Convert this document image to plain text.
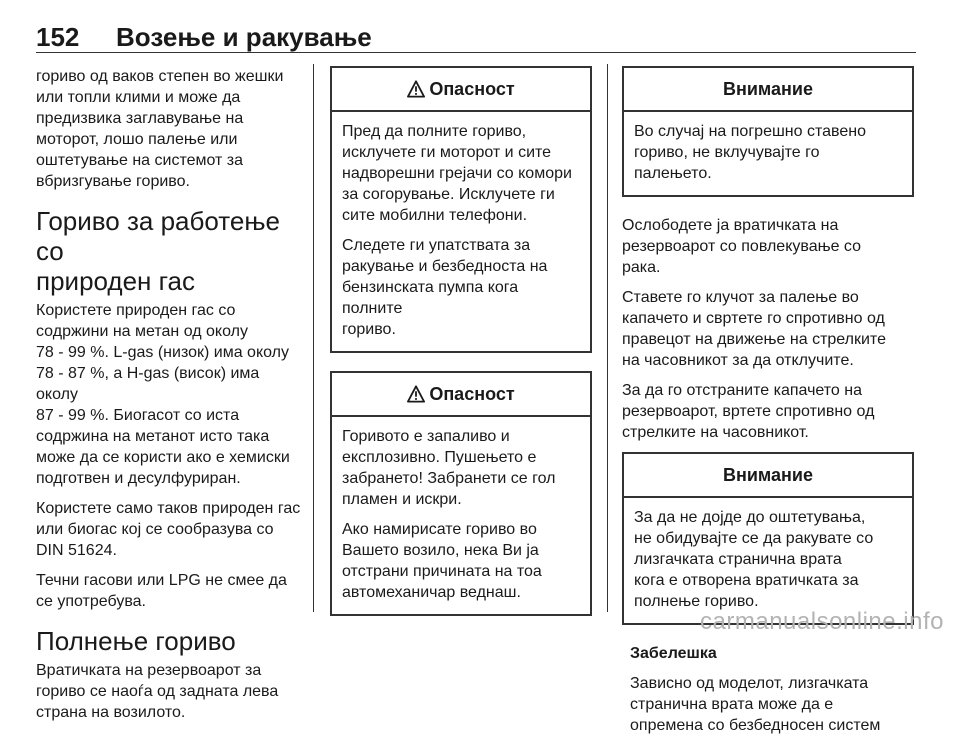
152 Возење и ракување

гориво од ваков степен во жешки
или топли клими и може да
предизвика заглавување на
моторот, лошо палење или
оштетување на системот за
вбризгување гориво.

Гориво за работење со
природен гас

Користете природен гас со
содржини на метан од околу
78 - 99 %. L-gas (низок) има околу
78 - 87 %, а H-gas (висок) има околу
87 - 99 %. Биогасот со иста
содржина на метанот исто така
може да се користи ако е хемиски
подготвен и десулфуриран.

Користете само таков природен гас
или биогас кој се сообразува со
DIN 51624.

Течни гасови или LPG не смее да
се употребува.

Полнење гориво

Вратичката на резервоарот за
гориво се наоѓа од задната лева
страна на возилото.

Опасност

Пред да полните гориво,
исклучете ги моторот и сите
надворешни грејачи со комори
за согорување. Исклучете ги
сите мобилни телефони.

Следете ги упатствата за
ракување и безбедноста на
бензинската пумпа кога полните
гориво.

Опасност

Горивото е запаливо и
експлозивно. Пушењето е
забрането! Забранети се гол
пламен и искри.

Ако намирисате гориво во
Вашето возило, нека Ви ја
отстрани причината на тоа
автомеханичар веднаш.

Внимание

Во случај на погрешно ставено
гориво, не вклучувајте го
палењето.

Ослободете ја вратичката на
резервоарот со повлекување со
рака.

Ставете го клучот за палење во
капачето и свртете го спротивно од
правецот на движење на стрелките
на часовникот за да отклучите.

За да го отстраните капачето на
резервоарот, вртете спротивно од
стрелките на часовникот.

Внимание

За да не дојде до оштетувања,
не обидувајте се да ракувате со
лизгачката странична врата
кога е отворена вратичката за
полнење гориво.

Забелешка

Зависно од моделот, лизгачката
странична врата може да е
опремена со безбедносен систем

carmanualsonline.info
